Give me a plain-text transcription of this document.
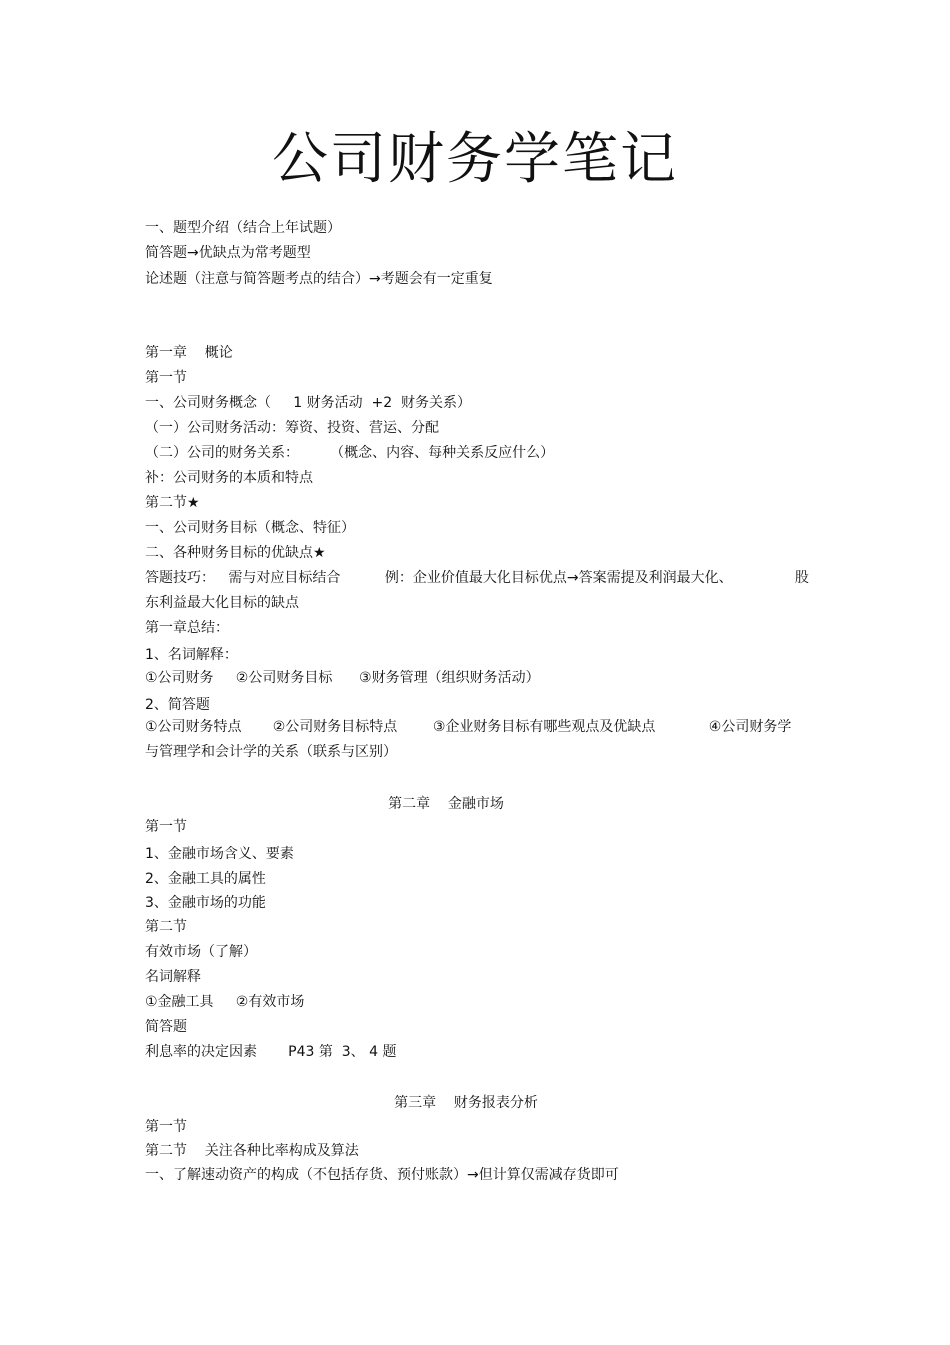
公司财务学笔记
一、题型介绍（结合上年试题）
简答题→优缺点为常考题型
论述题（注意与简答题考点的结合）→考题会有一定重复
第一章    概论
第一节
一、公司财务概念（     1 财务活动  +2  财务关系）
（一）公司财务活动：筹资、投资、营运、分配
（二）公司的财务关系：       （概念、内容、每种关系反应什么）
补：公司财务的本质和特点
第二节★
一、公司财务目标（概念、特征）
二、各种财务目标的优缺点★
答题技巧：   需与对应目标结合          例：企业价值最大化目标优点→答案需提及利润最大化、              股
东利益最大化目标的缺点
第一章总结：
1、名词解释：
①公司财务     ②公司财务目标      ③财务管理（组织财务活动）
2、简答题
①公司财务特点       ②公司财务目标特点        ③企业财务目标有哪些观点及优缺点            ④公司财务学
与管理学和会计学的关系（联系与区别）
第二章    金融市场
第一节
1、金融市场含义、要素
2、金融工具的属性
3、金融市场的功能
第二节
有效市场（了解）
名词解释
①金融工具     ②有效市场
简答题
利息率的决定因素       P43 第  3、 4 题
第三章    财务报表分析
第一节
第二节    关注各种比率构成及算法
一、了解速动资产的构成（不包括存货、预付账款）→但计算仅需减存货即可
